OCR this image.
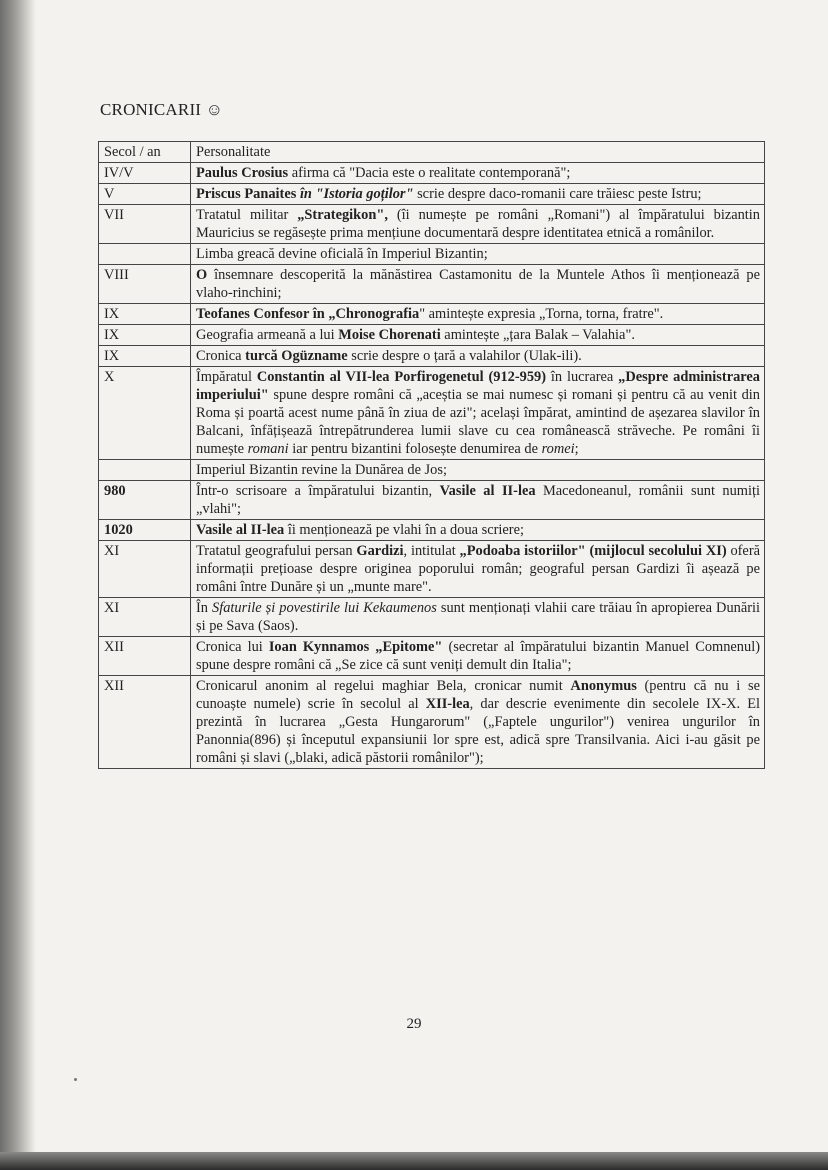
CRONICARII ☺
Secol / an	Personalitate
IV/V	Paulus Crosius afirma că "Dacia este o realitate contemporană";
V	Priscus Panaites în "Istoria goților" scrie despre daco-romanii care trăiesc peste Istru;
VII	Tratatul militar „Strategikon", (îi numește pe români „Romani") al împăratului bizantin Mauricius se regăsește prima mențiune documentară despre identitatea etnică a românilor.
	Limba greacă devine oficială în Imperiul Bizantin;
VIII	O însemnare descoperită la mănăstirea Castamonitu de la Muntele Athos îi menționează pe vlaho-rinchini;
IX	Teofanes Confesor în „Chronografia" amintește expresia „Torna, torna, fratre".
IX	Geografia armeană a lui Moise Chorenati amintește „țara Balak – Valahia".
IX	Cronica turcă Ogüzname scrie despre o țară a valahilor (Ulak-ili).
X	Împăratul Constantin al VII-lea Porfirogenetul (912-959) în lucrarea „Despre administrarea imperiului" spune despre români că „aceștia se mai numesc și romani și pentru că au venit din Roma și poartă acest nume până în ziua de azi"; același împărat, amintind de așezarea slavilor în Balcani, înfățișează întrepătrunderea lumii slave cu cea românească străveche. Pe români îi numește romani iar pentru bizantini folosește denumirea de romei;
	Imperiul Bizantin revine la Dunărea de Jos;
980	Într-o scrisoare a împăratului bizantin, Vasile al II-lea Macedoneanul, românii sunt numiți „vlahi";
1020	Vasile al II-lea îi menționează pe vlahi în a doua scriere;
XI	Tratatul geografului persan Gardizi, intitulat „Podoaba istoriilor" (mijlocul secolului XI) oferă informații prețioase despre originea poporului român; geograful persan Gardizi îi așează pe români între Dunăre și un „munte mare".
XI	În Sfaturile și povestirile lui Kekaumenos sunt menționați vlahii care trăiau în apropierea Dunării și pe Sava (Saos).
XII	Cronica lui Ioan Kynnamos „Epitome" (secretar al împăratului bizantin Manuel Comnenul) spune despre români că „Se zice că sunt veniți demult din Italia";
XII	Cronicarul anonim al regelui maghiar Bela, cronicar numit Anonymus (pentru că nu i se cunoaște numele) scrie în secolul al XII-lea, dar descrie evenimente din secolele IX-X. El prezintă în lucrarea „Gesta Hungarorum" („Faptele ungurilor") venirea ungurilor în Panonnia(896) și începutul expansiunii lor spre est, adică spre Transilvania. Aici i-au găsit pe români și slavi („blaki, adică păstorii românilor");
29
